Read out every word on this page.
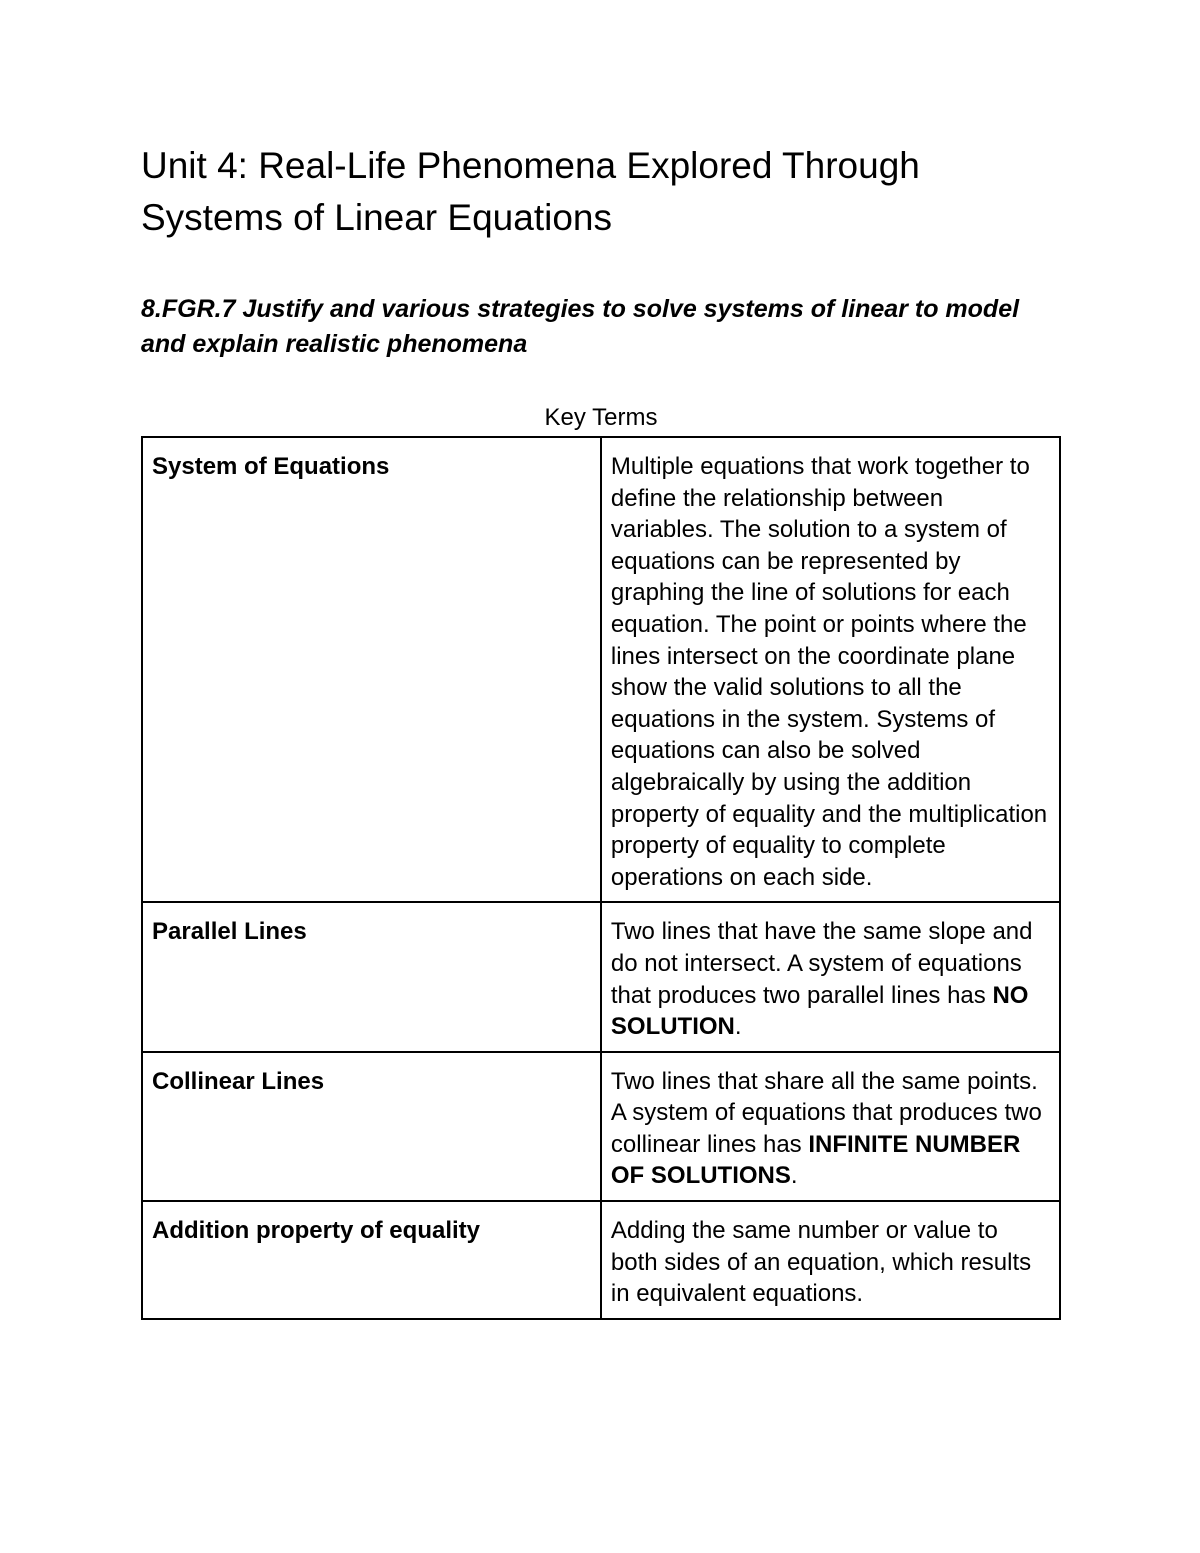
Unit 4: Real-Life Phenomena Explored Through Systems of Linear Equations

8.FGR.7 Justify and various strategies to solve systems of linear to model and explain realistic phenomena

Key Terms
System of Equations	Multiple equations that work together to define the relationship between variables. The solution to a system of equations can be represented by graphing the line of solutions for each equation. The point or points where the lines intersect on the coordinate plane show the valid solutions to all the equations in the system. Systems of equations can also be solved algebraically by using the addition property of equality and the multiplication property of equality to complete operations on each side.
Parallel Lines	Two lines that have the same slope and do not intersect. A system of equations that produces two parallel lines has NO SOLUTION.
Collinear Lines	Two lines that share all the same points. A system of equations that produces two collinear lines has INFINITE NUMBER OF SOLUTIONS.
Addition property of equality	Adding the same number or value to both sides of an equation, which results in equivalent equations.
